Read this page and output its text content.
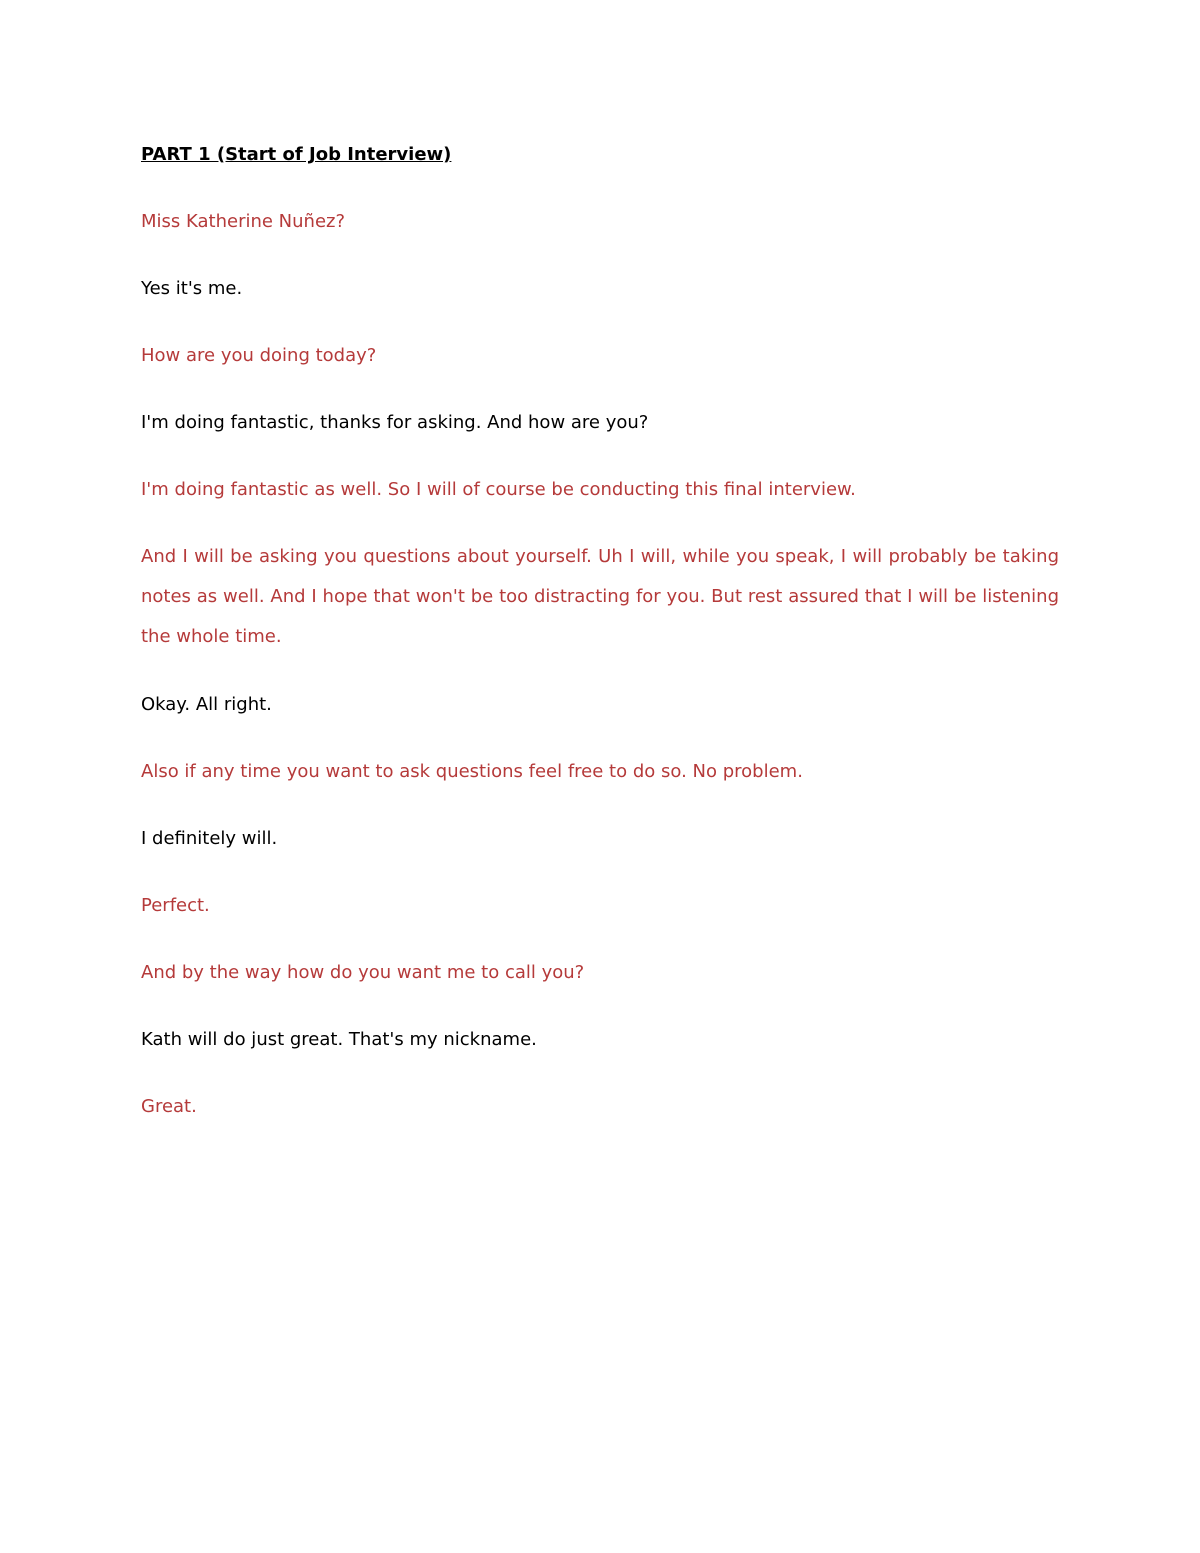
PART 1 (Start of Job Interview)

Miss Katherine Nuñez?

Yes it's me.

How are you doing today?

I'm doing fantastic, thanks for asking. And how are you?

I'm doing fantastic as well. So I will of course be conducting this final interview.

And I will be asking you questions about yourself. Uh I will, while you speak, I will probably be taking notes as well. And I hope that won't be too distracting for you. But rest assured that I will be listening the whole time.

Okay. All right.

Also if any time you want to ask questions feel free to do so. No problem.

I definitely will.

Perfect.

And by the way how do you want me to call you?

Kath will do just great. That's my nickname.

Great.
